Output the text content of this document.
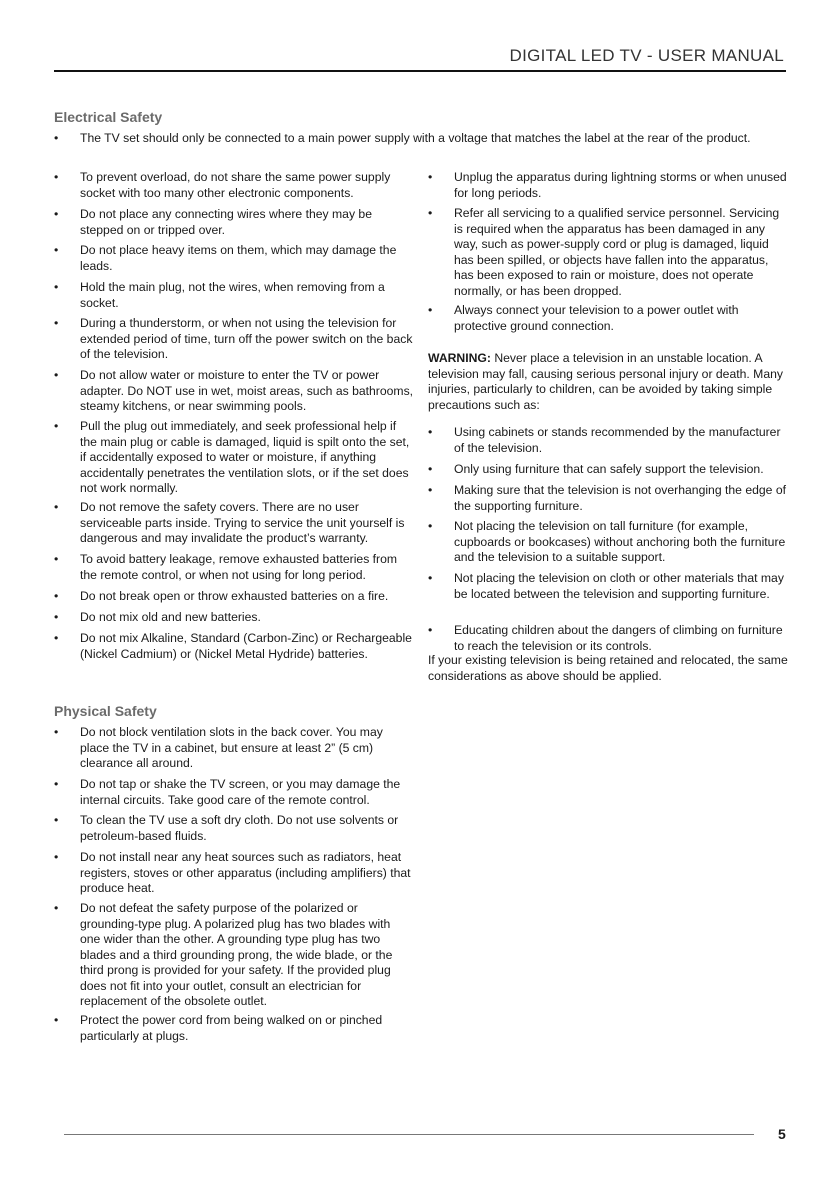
DIGITAL LED TV - USER MANUAL
Electrical Safety
• The TV set should only be connected to a main power supply with a voltage that matches the label at the rear of the product.
• To prevent overload, do not share the same power supply socket with too many other electronic components.
• Do not place any connecting wires where they may be stepped on or tripped over.
• Do not place heavy items on them, which may damage the leads.
• Hold the main plug, not the wires, when removing from a socket.
• During a thunderstorm, or when not using the television for extended period of time, turn off the power switch on the back of the television.
• Do not allow water or moisture to enter the TV or power adapter. Do NOT use in wet, moist areas, such as bathrooms, steamy kitchens, or near swimming pools.
• Pull the plug out immediately, and seek professional help if the main plug or cable is damaged, liquid is spilt onto the set, if accidentally exposed to water or moisture, if anything accidentally penetrates the ventilation slots, or if the set does not work normally.
• Do not remove the safety covers. There are no user serviceable parts inside. Trying to service the unit yourself is dangerous and may invalidate the product’s warranty.
• To avoid battery leakage, remove exhausted batteries from the remote control, or when not using for long period.
• Do not break open or throw exhausted batteries on a fire.
• Do not mix old and new batteries.
• Do not mix Alkaline, Standard (Carbon-Zinc) or Rechargeable (Nickel Cadmium) or (Nickel Metal Hydride) batteries.
• Unplug the apparatus during lightning storms or when unused for long periods.
• Refer all servicing to a qualified service personnel. Servicing is required when the apparatus has been damaged in any way, such as power-supply cord or plug is damaged, liquid has been spilled, or objects have fallen into the apparatus, has been exposed to rain or moisture, does not operate normally, or has been dropped.
• Always connect your television to a power outlet with protective ground connection.
WARNING: Never place a television in an unstable location. A television may fall, causing serious personal injury or death. Many injuries, particularly to children, can be avoided by taking simple precautions such as:
• Using cabinets or stands recommended by the manufacturer of the television.
• Only using furniture that can safely support the television.
• Making sure that the television is not overhanging the edge of the supporting furniture.
• Not placing the television on tall furniture (for example, cupboards or bookcases) without anchoring both the furniture and the television to a suitable support.
• Not placing the television on cloth or other materials that may be located between the television and supporting furniture.
• Educating children about the dangers of climbing on furniture to reach the television or its controls.
If your existing television is being retained and relocated, the same considerations as above should be applied.
Physical Safety
• Do not block ventilation slots in the back cover. You may place the TV in a cabinet, but ensure at least 2” (5 cm) clearance all around.
• Do not tap or shake the TV screen, or you may damage the internal circuits. Take good care of the remote control.
• To clean the TV use a soft dry cloth. Do not use solvents or petroleum-based fluids.
• Do not install near any heat sources such as radiators, heat registers, stoves or other apparatus (including amplifiers) that produce heat.
• Do not defeat the safety purpose of the polarized or grounding-type plug. A polarized plug has two blades with one wider than the other. A grounding type plug has two blades and a third grounding prong, the wide blade, or the third prong is provided for your safety. If the provided plug does not fit into your outlet, consult an electrician for replacement of the obsolete outlet.
• Protect the power cord from being walked on or pinched particularly at plugs.
5
